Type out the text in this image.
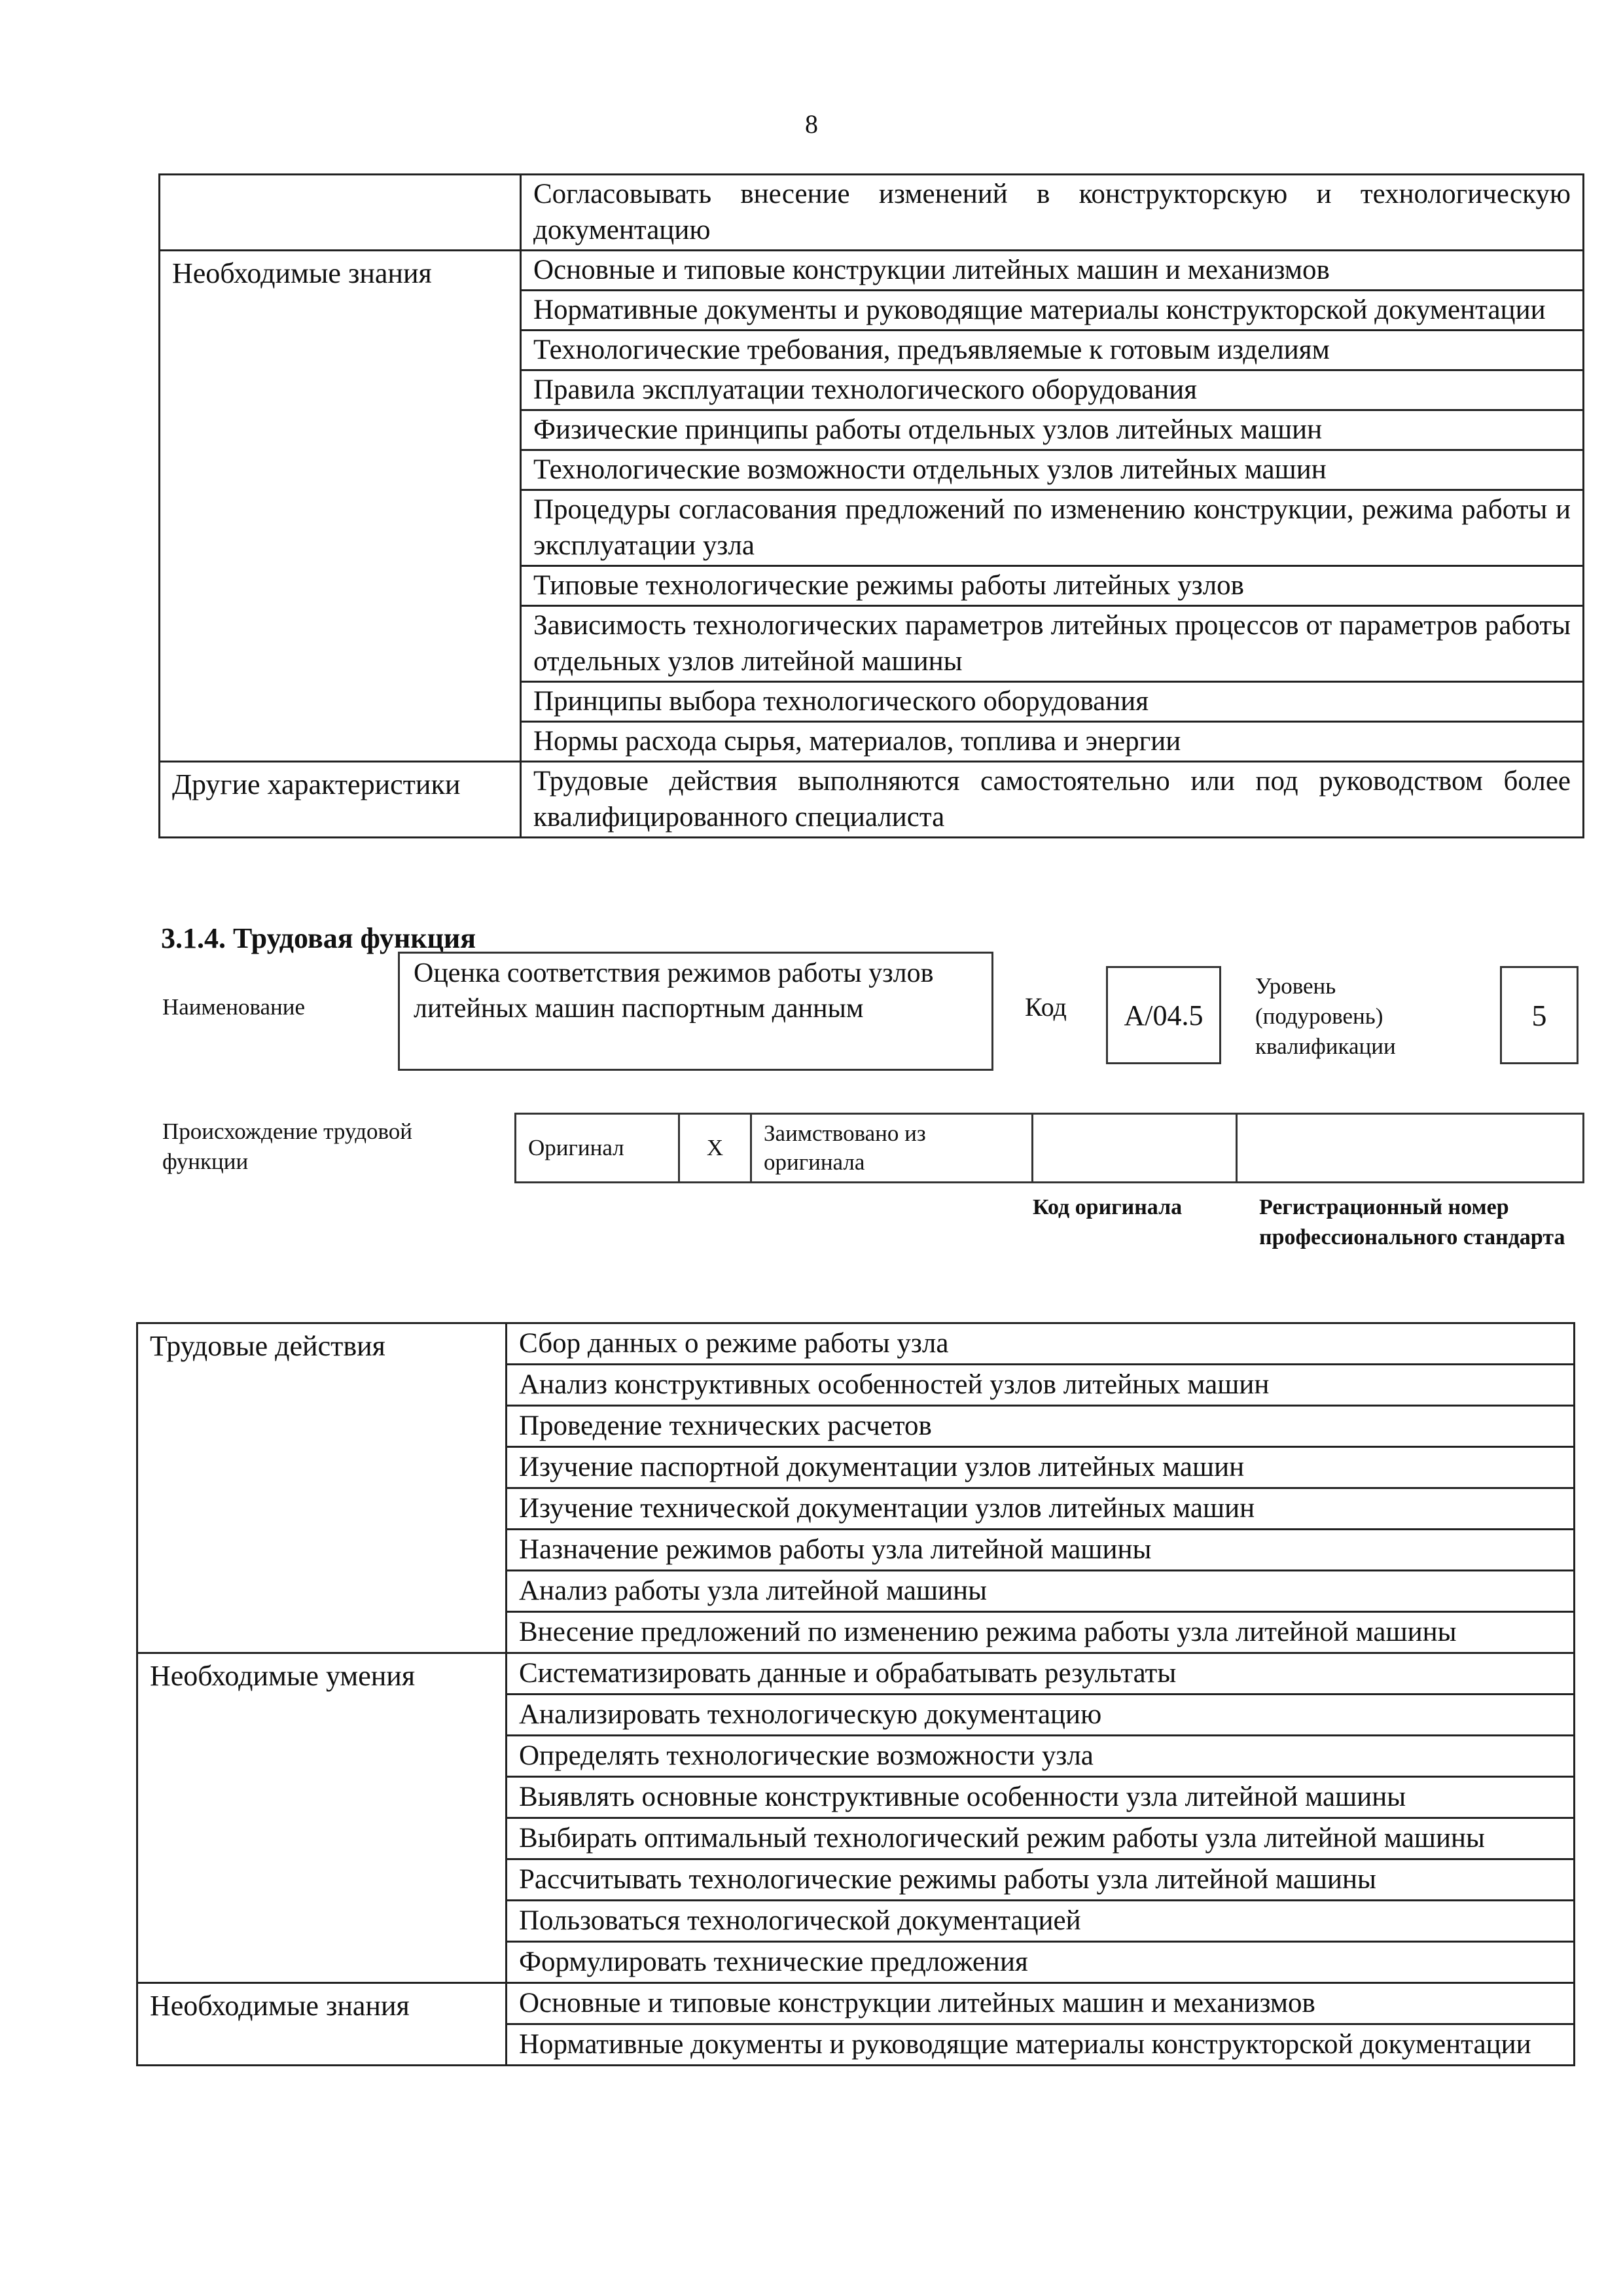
8
	Согласовывать внесение изменений в конструкторскую и технологическую документацию
Необходимые знания	Основные и типовые конструкции литейных машин и механизмов
	Нормативные документы и руководящие материалы конструкторской документации
	Технологические требования, предъявляемые к готовым изделиям
	Правила эксплуатации технологического оборудования
	Физические принципы работы отдельных узлов литейных машин
	Технологические возможности отдельных узлов литейных машин
	Процедуры согласования предложений по изменению конструкции, режима работы и эксплуатации узла
	Типовые технологические режимы работы литейных узлов
	Зависимость технологических параметров литейных процессов от параметров работы отдельных узлов литейной машины
	Принципы выбора технологического оборудования
	Нормы расхода сырья, материалов, топлива и энергии
Другие характеристики	Трудовые действия выполняются самостоятельно или под руководством более квалифицированного специалиста
3.1.4. Трудовая функция
Наименование
Оценка соответствия режимов работы узлов литейных машин паспортным данным	Код	A/04.5
Уровень (подуровень) квалификации
5
Происхождение трудовой функции
Оригинал	X	Заимствовано из оригинала		
Код оригинала	Регистрационный номер профессионального стандарта
Трудовые действия	Сбор данных о режиме работы узла
	Анализ конструктивных особенностей узлов литейных машин
	Проведение технических расчетов
	Изучение паспортной документации узлов литейных машин
	Изучение технической документации узлов литейных машин
	Назначение режимов работы узла литейной машины
	Анализ работы узла литейной машины
	Внесение предложений по изменению режима работы узла литейной машины
Необходимые умения	Систематизировать данные и обрабатывать результаты
	Анализировать технологическую документацию
	Определять технологические возможности узла
	Выявлять основные конструктивные особенности узла литейной машины
	Выбирать оптимальный технологический режим работы узла литейной машины
	Рассчитывать технологические режимы работы узла литейной машины
	Пользоваться технологической документацией
	Формулировать технические предложения
Необходимые знания	Основные и типовые конструкции литейных машин и механизмов
	Нормативные документы и руководящие материалы конструкторской документации
